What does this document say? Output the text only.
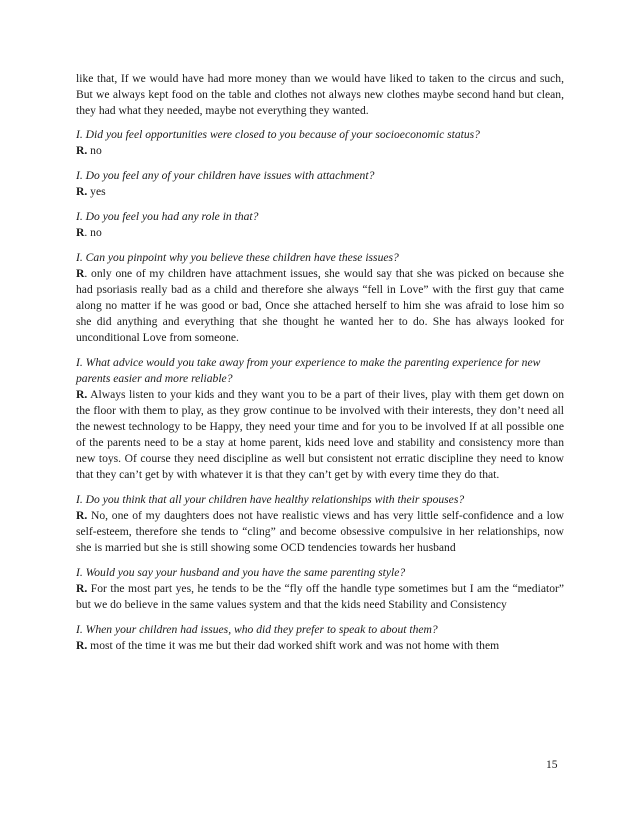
like that, If we would have had more money than we would have liked to taken to the circus and such, But we always kept food on the table and clothes not always new clothes maybe second hand but clean, they had what they needed, maybe not everything they wanted.

I. Did you feel opportunities were closed to you because of your socioeconomic status?

R. no

I. Do you feel any of your children have issues with attachment?

R. yes

I. Do you feel you had any role in that?

R. no

I. Can you pinpoint why you believe these children have these issues?

R. only one of my children have attachment issues, she would say that she was picked on because she had psoriasis really bad as a child and therefore she always “fell in Love” with the first guy that came along no matter if he was good or bad, Once she attached herself to him she was afraid to lose him so she did anything and everything that she thought he wanted her to do. She has always looked for unconditional Love from someone.

I. What advice would you take away from your experience to make the parenting experience for new parents easier and more reliable?

R. Always listen to your kids and they want you to be a part of their lives, play with them get down on the floor with them to play, as they grow continue to be involved with their interests, they don’t need all the newest technology to be Happy, they need your time and for you to be involved If at all possible one of the parents need to be a stay at home parent, kids need love and stability and consistency more than new toys. Of course they need discipline as well but consistent not erratic discipline they need to know that they can’t get by with whatever it is that they can’t get by with every time they do that.

I. Do you think that all your children have healthy relationships with their spouses?

R. No, one of my daughters does not have realistic views and has very little self-confidence and a low self-esteem, therefore she tends to “cling” and become obsessive compulsive in her relationships, now she is married but she is still showing some OCD tendencies towards her husband

I. Would you say your husband and you have the same parenting style?

R. For the most part yes, he tends to be the “fly off the handle type sometimes but I am the “mediator” but we do believe in the same values system and that the kids need Stability and Consistency

I. When your children had issues, who did they prefer to speak to about them?

R. most of the time it was me but their dad worked shift work and was not home with them

15
